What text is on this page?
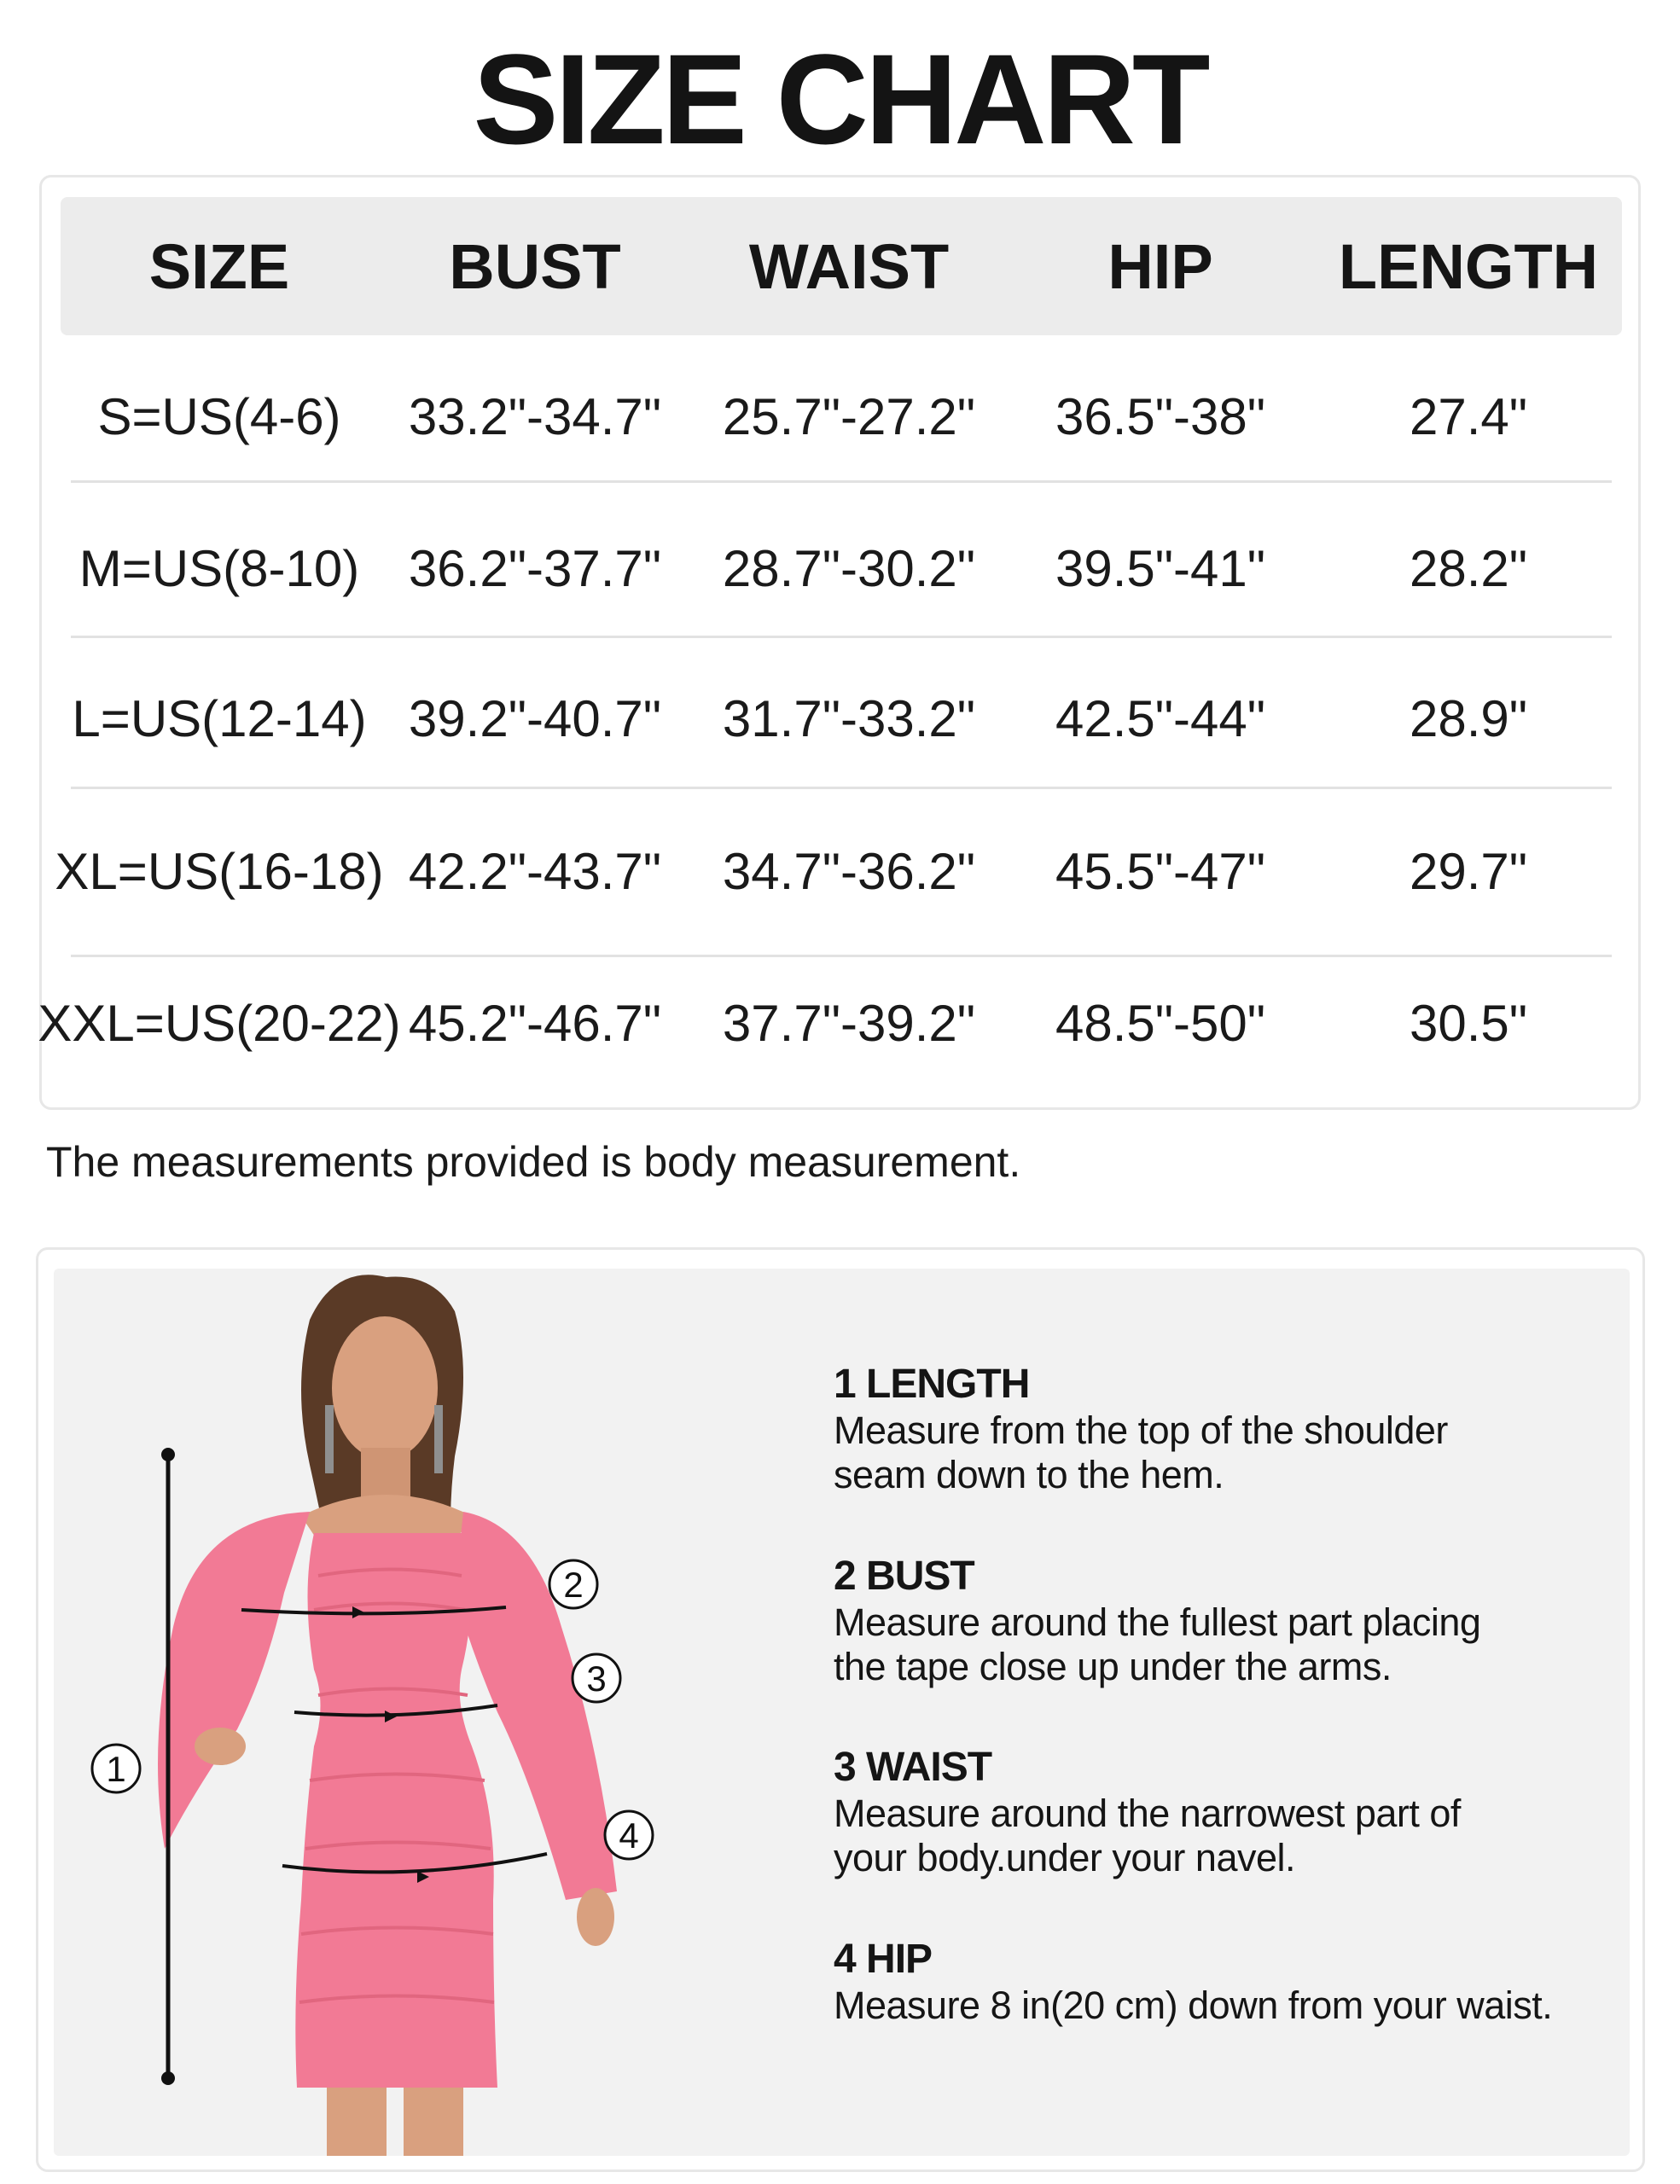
SIZE CHART
SIZE	BUST	WAIST	HIP	LENGTH
S=US(4-6)	33.2"-34.7"	25.7"-27.2"	36.5"-38"	27.4"
M=US(8-10) 36.2"-37.7"	28.7"-30.2"	39.5"-41"	28.2"
L=US(12-14) 39.2"-40.7"	31.7"-33.2"	42.5"-44"	28.9"
XL=US(16-18) 42.2"-43.7"	34.7"-36.2"	45.5"-47"	29.7"
XXL=US(20-22) 45.2"-46.7"	37.7"-39.2"	48.5"-50"	30.5"
The measurements provided is body measurement.
1
2
3
4
1 LENGTH
Measure from the top of the shoulder
seam down to the hem.
2 BUST
Measure around the fullest part placing
the tape close up under the arms.
3 WAIST
Measure around the narrowest part of
your body.under your navel.
4 HIP
Measure 8 in(20 cm) down from your waist.
